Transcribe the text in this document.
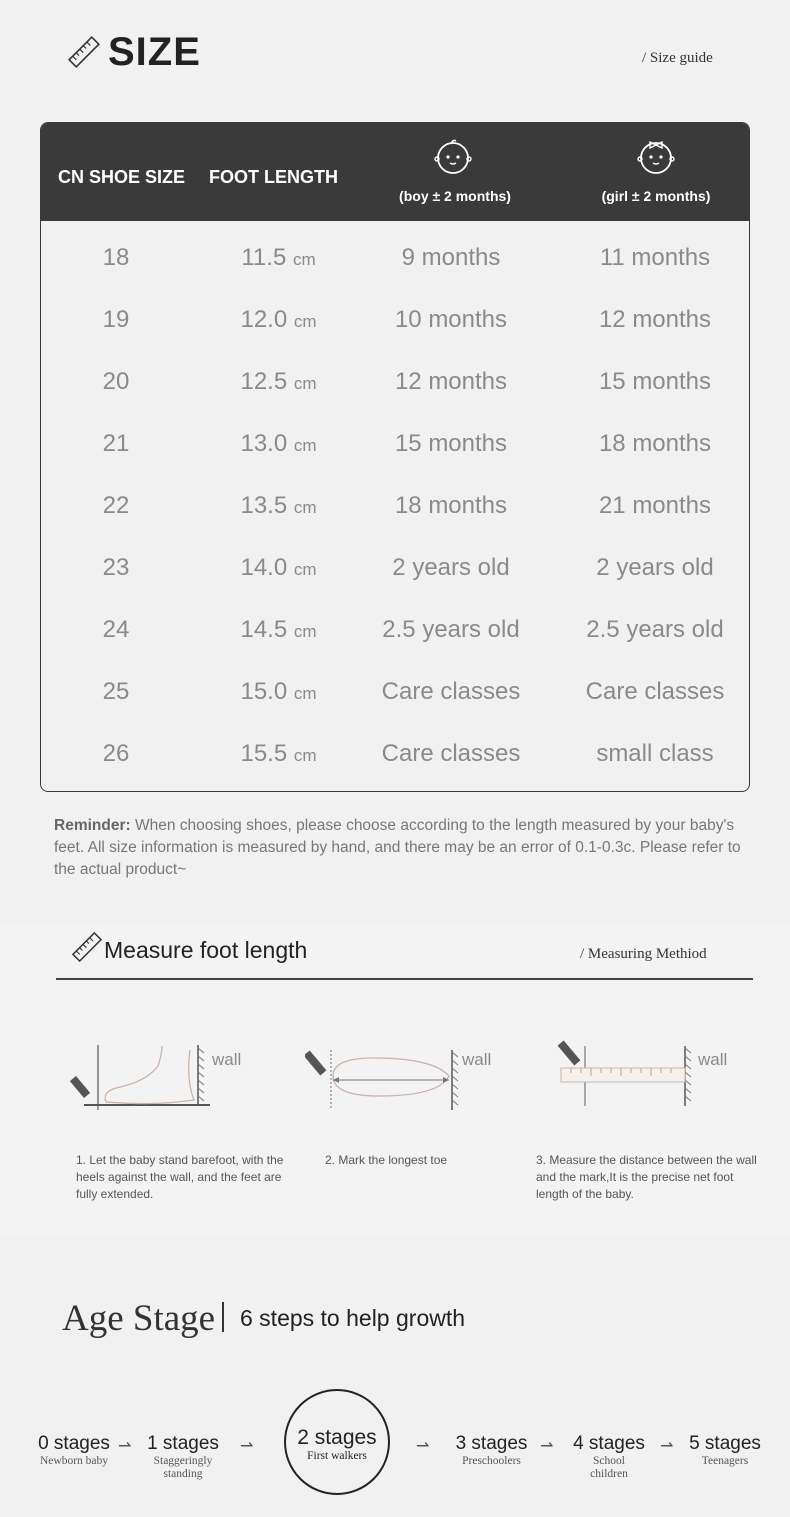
SIZE	/ Size guide
CN SHOE SIZE FOOT LENGTH
(boy ± 2 months)	(girl ± 2 months)
18	11.5 cm	9 months	11 months
19	12.0 cm	10 months	12 months
20	12.5 cm	12 months	15 months
21	13.0 cm	15 months	18 months
22	13.5 cm	18 months	21 months
23	14.0 cm	2 years old	2 years old
24	14.5 cm	2.5 years old	2.5 years old
25	15.0 cm	Care classes	Care classes
26	15.5 cm	Care classes	small class
Reminder: When choosing shoes, please choose according to the length measured by your baby's feet. All size information is measured by hand, and there may be an error of 0.1-0.3c. Please refer to the actual product~
Measure foot length	/ Measuring Methiod
wall	wall	wall
1. Let the baby stand barefoot, with the heels against the wall, and the feet are fully extended.
2. Mark the longest toe	3. Measure the distance between the wall and the mark,It is the precise net foot length of the baby.
Age Stage 6 steps to help growth
0 stages
Newborn baby
⇀ 1 stages
Staggeringly standing
⇀	2 stages
First walkers
⇀	3 stages
Preschoolers
⇀	4 stages
School children
⇀ 5 stages
Teenagers
